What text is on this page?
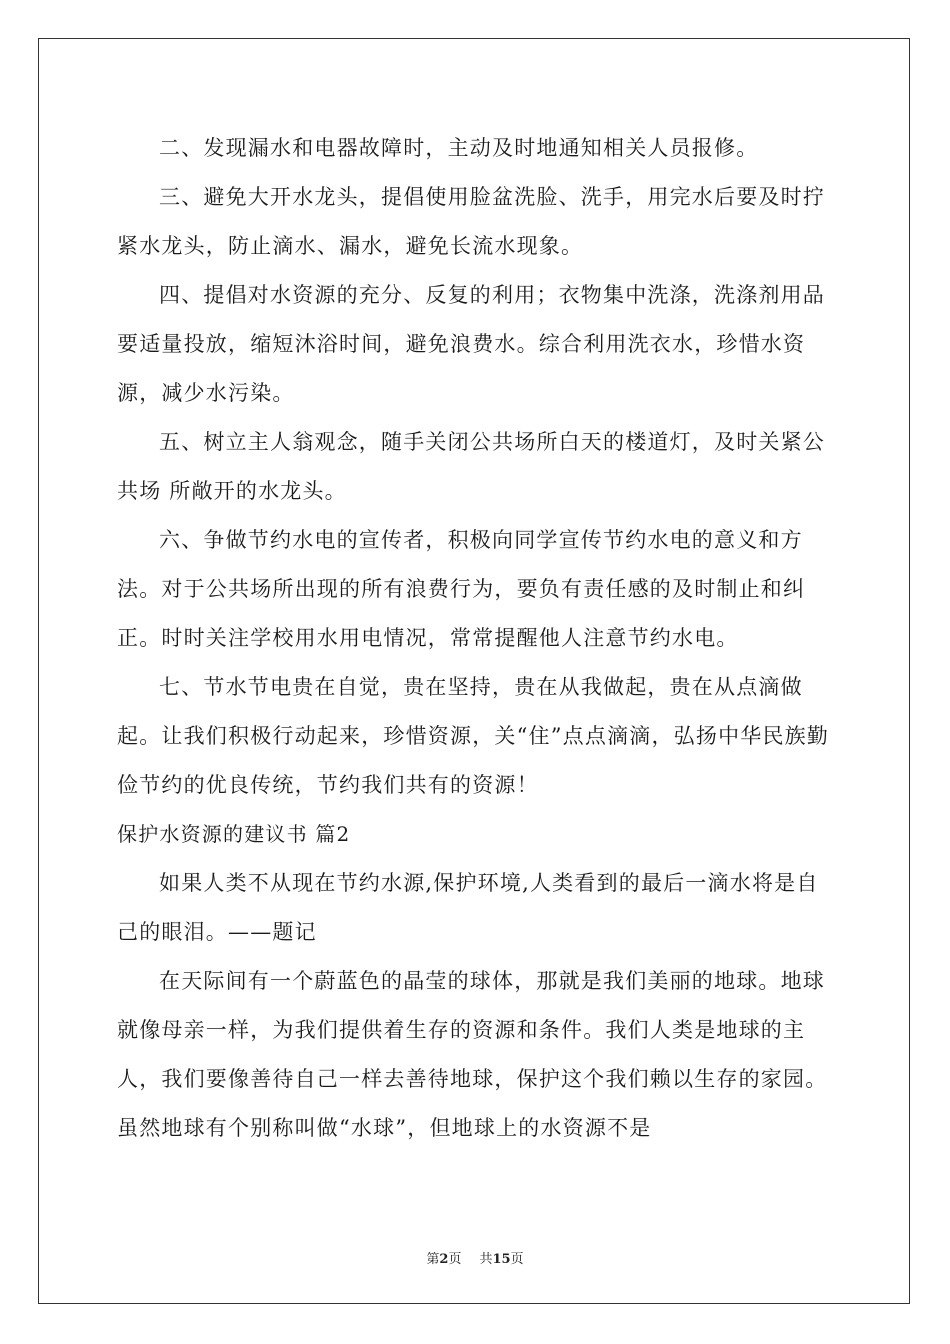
二、发现漏水和电器故障时，主动及时地通知相关人员报修。

三、避免大开水龙头，提倡使用脸盆洗脸、洗手，用完水后要及时拧紧水龙头，防止滴水、漏水，避免长流水现象。

四、提倡对水资源的充分、反复的利用；衣物集中洗涤，洗涤剂用品要适量投放，缩短沐浴时间，避免浪费水。综合利用洗衣水，珍惜水资源，减少水污染。

五、树立主人翁观念，随手关闭公共场所白天的楼道灯，及时关紧公共场 所敞开的水龙头。

六、争做节约水电的宣传者，积极向同学宣传节约水电的意义和方法。对于公共场所出现的所有浪费行为，要负有责任感的及时制止和纠正。时时关注学校用水用电情况，常常提醒他人注意节约水电。

七、节水节电贵在自觉，贵在坚持，贵在从我做起，贵在从点滴做起。让我们积极行动起来，珍惜资源，关“住”点点滴滴，弘扬中华民族勤俭节约的优良传统，节约我们共有的资源！

保护水资源的建议书 篇2

如果人类不从现在节约水源,保护环境,人类看到的最后一滴水将是自己的眼泪。——题记

在天际间有一个蔚蓝色的晶莹的球体，那就是我们美丽的地球。地球就像母亲一样，为我们提供着生存的资源和条件。我们人类是地球的主人，我们要像善待自己一样去善待地球，保护这个我们赖以生存的家园。虽然地球有个别称叫做“水球”，但地球上的水资源不是

第2页 共15页
